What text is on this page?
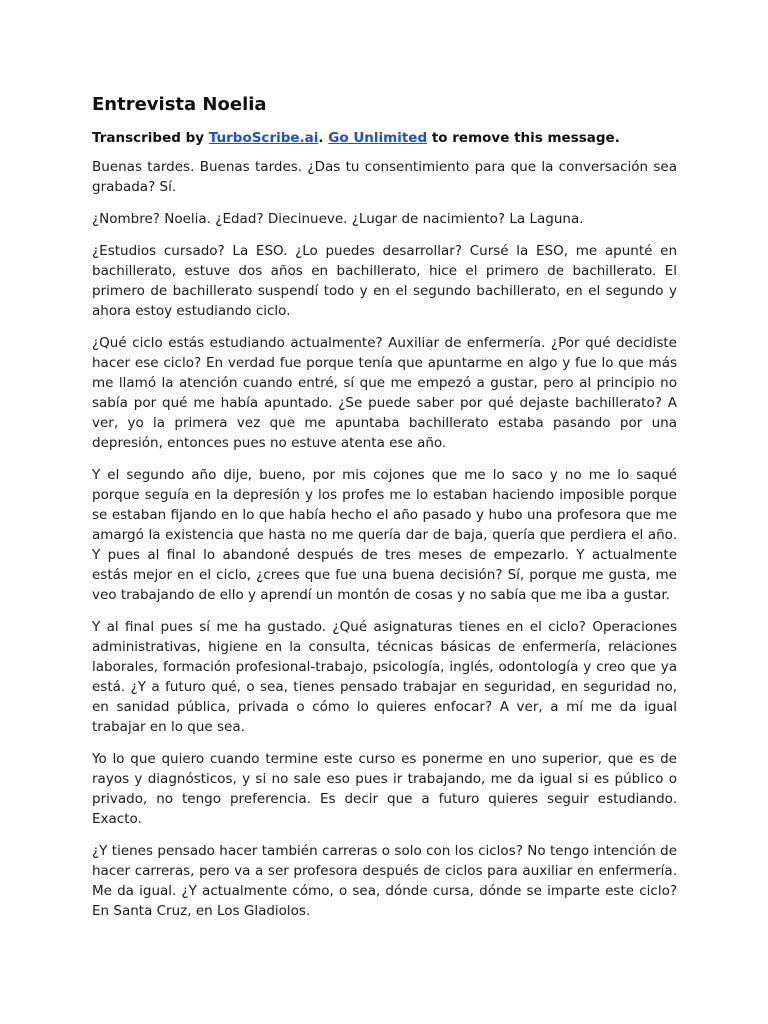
Entrevista Noelia

Transcribed by TurboScribe.ai. Go Unlimited to remove this message.

Buenas tardes. Buenas tardes. ¿Das tu consentimiento para que la conversación sea grabada? Sí.

¿Nombre? Noelia. ¿Edad? Diecinueve. ¿Lugar de nacimiento? La Laguna.

¿Estudios cursado? La ESO. ¿Lo puedes desarrollar? Cursé la ESO, me apunté en bachillerato, estuve dos años en bachillerato, hice el primero de bachillerato. El primero de bachillerato suspendí todo y en el segundo bachillerato, en el segundo y ahora estoy estudiando ciclo.

¿Qué ciclo estás estudiando actualmente? Auxiliar de enfermería. ¿Por qué decidiste hacer ese ciclo? En verdad fue porque tenía que apuntarme en algo y fue lo que más me llamó la atención cuando entré, sí que me empezó a gustar, pero al principio no sabía por qué me había apuntado. ¿Se puede saber por qué dejaste bachillerato? A ver, yo la primera vez que me apuntaba bachillerato estaba pasando por una depresión, entonces pues no estuve atenta ese año.

Y el segundo año dije, bueno, por mis cojones que me lo saco y no me lo saqué porque seguía en la depresión y los profes me lo estaban haciendo imposible porque se estaban fijando en lo que había hecho el año pasado y hubo una profesora que me amargó la existencia que hasta no me quería dar de baja, quería que perdiera el año. Y pues al final lo abandoné después de tres meses de empezarlo. Y actualmente estás mejor en el ciclo, ¿crees que fue una buena decisión? Sí, porque me gusta, me veo trabajando de ello y aprendí un montón de cosas y no sabía que me iba a gustar.

Y al final pues sí me ha gustado. ¿Qué asignaturas tienes en el ciclo? Operaciones administrativas, higiene en la consulta, técnicas básicas de enfermería, relaciones laborales, formación profesional-trabajo, psicología, inglés, odontología y creo que ya está. ¿Y a futuro qué, o sea, tienes pensado trabajar en seguridad, en seguridad no, en sanidad pública, privada o cómo lo quieres enfocar? A ver, a mí me da igual trabajar en lo que sea.

Yo lo que quiero cuando termine este curso es ponerme en uno superior, que es de rayos y diagnósticos, y si no sale eso pues ir trabajando, me da igual si es público o privado, no tengo preferencia. Es decir que a futuro quieres seguir estudiando. Exacto.

¿Y tienes pensado hacer también carreras o solo con los ciclos? No tengo intención de hacer carreras, pero va a ser profesora después de ciclos para auxiliar en enfermería. Me da igual. ¿Y actualmente cómo, o sea, dónde cursa, dónde se imparte este ciclo? En Santa Cruz, en Los Gladiolos.
